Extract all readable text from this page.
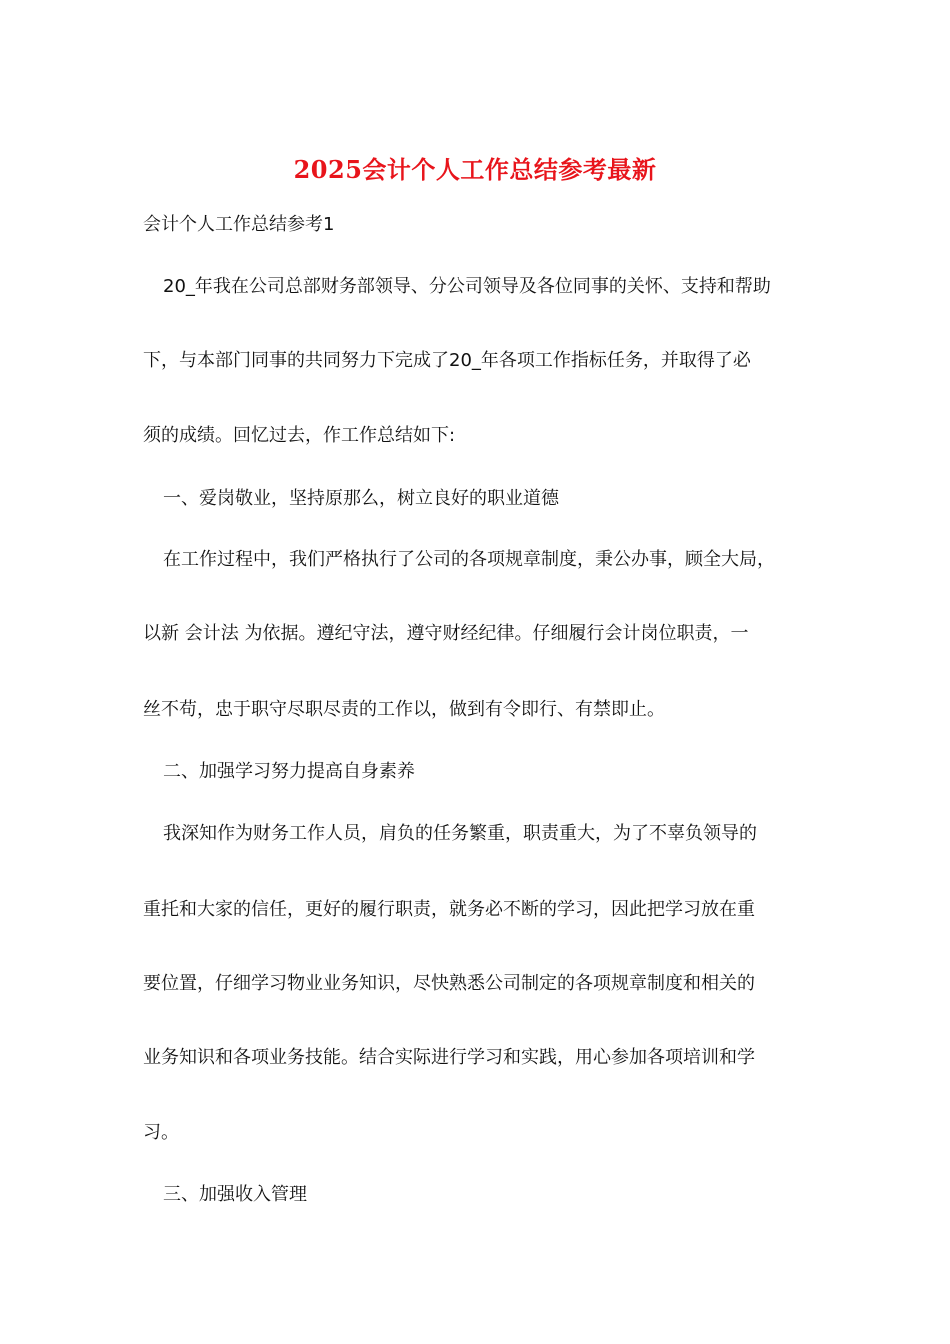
2025会计个人工作总结参考最新
会计个人工作总结参考1
20_年我在公司总部财务部领导、分公司领导及各位同事的关怀、支持和帮助
下，与本部门同事的共同努力下完成了20_年各项工作指标任务，并取得了必
须的成绩。回忆过去，作工作总结如下:
一、爱岗敬业，坚持原那么，树立良好的职业道德
在工作过程中，我们严格执行了公司的各项规章制度，秉公办事，顾全大局，
以新 会计法 为依据。遵纪守法，遵守财经纪律。仔细履行会计岗位职责，一
丝不苟，忠于职守尽职尽责的工作以，做到有令即行、有禁即止。
二、加强学习努力提高自身素养
我深知作为财务工作人员，肩负的任务繁重，职责重大，为了不辜负领导的
重托和大家的信任，更好的履行职责，就务必不断的学习，因此把学习放在重
要位置，仔细学习物业业务知识，尽快熟悉公司制定的各项规章制度和相关的
业务知识和各项业务技能。结合实际进行学习和实践，用心参加各项培训和学
习。
三、加强收入管理
